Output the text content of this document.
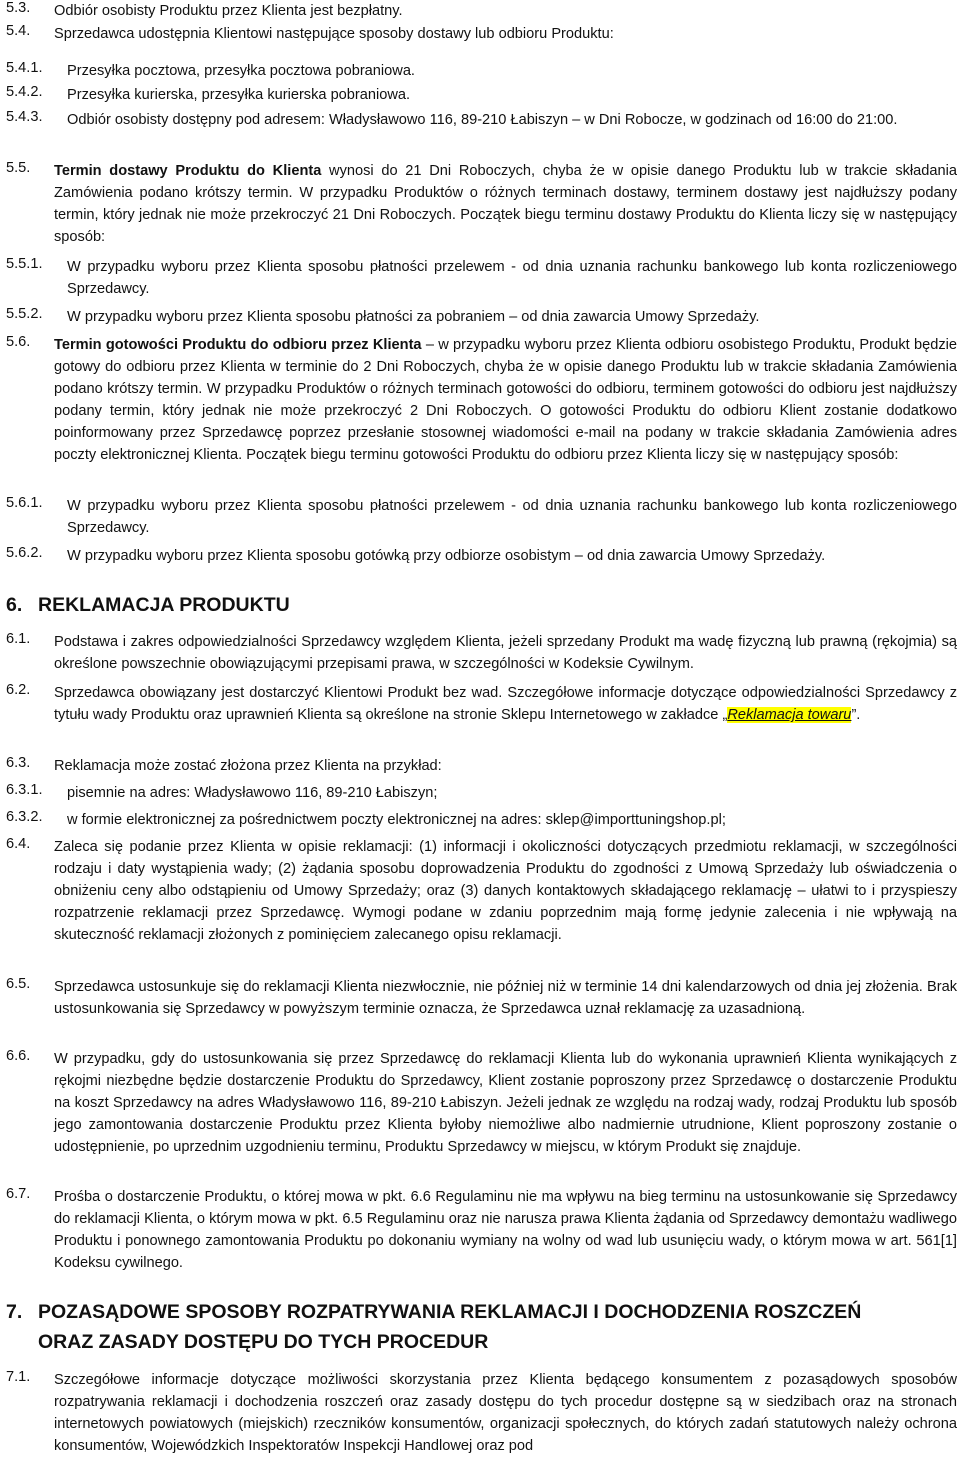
5.3. Odbiór osobisty Produktu przez Klienta jest bezpłatny.
5.4. Sprzedawca udostępnia Klientowi następujące sposoby dostawy lub odbioru Produktu:
5.4.1. Przesyłka pocztowa, przesyłka pocztowa pobraniowa.
5.4.2. Przesyłka kurierska, przesyłka kurierska pobraniowa.
5.4.3. Odbiór osobisty dostępny pod adresem: Władysławowo 116, 89-210 Łabiszyn – w Dni Robocze, w godzinach od 16:00 do 21:00.
5.5. Termin dostawy Produktu do Klienta wynosi do 21 Dni Roboczych, chyba że w opisie danego Produktu lub w trakcie składania Zamówienia podano krótszy termin. W przypadku Produktów o różnych terminach dostawy, terminem dostawy jest najdłuższy podany termin, który jednak nie może przekroczyć 21 Dni Roboczych. Początek biegu terminu dostawy Produktu do Klienta liczy się w następujący sposób:
5.5.1. W przypadku wyboru przez Klienta sposobu płatności przelewem - od dnia uznania rachunku bankowego lub konta rozliczeniowego Sprzedawcy.
5.5.2. W przypadku wyboru przez Klienta sposobu płatności za pobraniem – od dnia zawarcia Umowy Sprzedaży.
5.6. Termin gotowości Produktu do odbioru przez Klienta – w przypadku wyboru przez Klienta odbioru osobistego Produktu, Produkt będzie gotowy do odbioru przez Klienta w terminie do 2 Dni Roboczych, chyba że w opisie danego Produktu lub w trakcie składania Zamówienia podano krótszy termin. W przypadku Produktów o różnych terminach gotowości do odbioru, terminem gotowości do odbioru jest najdłuższy podany termin, który jednak nie może przekroczyć 2 Dni Roboczych. O gotowości Produktu do odbioru Klient zostanie dodatkowo poinformowany przez Sprzedawcę poprzez przesłanie stosownej wiadomości e-mail na podany w trakcie składania Zamówienia adres poczty elektronicznej Klienta. Początek biegu terminu gotowości Produktu do odbioru przez Klienta liczy się w następujący sposób:
5.6.1. W przypadku wyboru przez Klienta sposobu płatności przelewem - od dnia uznania rachunku bankowego lub konta rozliczeniowego Sprzedawcy.
5.6.2. W przypadku wyboru przez Klienta sposobu gotówką przy odbiorze osobistym – od dnia zawarcia Umowy Sprzedaży.
6. REKLAMACJA PRODUKTU
6.1. Podstawa i zakres odpowiedzialności Sprzedawcy względem Klienta, jeżeli sprzedany Produkt ma wadę fizyczną lub prawną (rękojmia) są określone powszechnie obowiązującymi przepisami prawa, w szczególności w Kodeksie Cywilnym.
6.2. Sprzedawca obowiązany jest dostarczyć Klientowi Produkt bez wad. Szczegółowe informacje dotyczące odpowiedzialności Sprzedawcy z tytułu wady Produktu oraz uprawnień Klienta są określone na stronie Sklepu Internetowego w zakładce „Reklamacja towaru”.
6.3. Reklamacja może zostać złożona przez Klienta na przykład:
6.3.1. pisemnie na adres: Władysławowo 116, 89-210 Łabiszyn;
6.3.2. w formie elektronicznej za pośrednictwem poczty elektronicznej na adres: sklep@importtuningshop.pl;
6.4. Zaleca się podanie przez Klienta w opisie reklamacji: (1) informacji i okoliczności dotyczących przedmiotu reklamacji, w szczególności rodzaju i daty wystąpienia wady; (2) żądania sposobu doprowadzenia Produktu do zgodności z Umową Sprzedaży lub oświadczenia o obniżeniu ceny albo odstąpieniu od Umowy Sprzedaży; oraz (3) danych kontaktowych składającego reklamację – ułatwi to i przyspieszy rozpatrzenie reklamacji przez Sprzedawcę. Wymogi podane w zdaniu poprzednim mają formę jedynie zalecenia i nie wpływają na skuteczność reklamacji złożonych z pominięciem zalecanego opisu reklamacji.
6.5. Sprzedawca ustosunkuje się do reklamacji Klienta niezwłocznie, nie później niż w terminie 14 dni kalendarzowych od dnia jej złożenia. Brak ustosunkowania się Sprzedawcy w powyższym terminie oznacza, że Sprzedawca uznał reklamację za uzasadnioną.
6.6. W przypadku, gdy do ustosunkowania się przez Sprzedawcę do reklamacji Klienta lub do wykonania uprawnień Klienta wynikających z rękojmi niezbędne będzie dostarczenie Produktu do Sprzedawcy, Klient zostanie poproszony przez Sprzedawcę o dostarczenie Produktu na koszt Sprzedawcy na adres Władysławowo 116, 89-210 Łabiszyn. Jeżeli jednak ze względu na rodzaj wady, rodzaj Produktu lub sposób jego zamontowania dostarczenie Produktu przez Klienta byłoby niemożliwe albo nadmiernie utrudnione, Klient poproszony zostanie o udostępnienie, po uprzednim uzgodnieniu terminu, Produktu Sprzedawcy w miejscu, w którym Produkt się znajduje.
6.7. Prośba o dostarczenie Produktu, o której mowa w pkt. 6.6 Regulaminu nie ma wpływu na bieg terminu na ustosunkowanie się Sprzedawcy do reklamacji Klienta, o którym mowa w pkt. 6.5 Regulaminu oraz nie narusza prawa Klienta żądania od Sprzedawcy demontażu wadliwego Produktu i ponownego zamontowania Produktu po dokonaniu wymiany na wolny od wad lub usunięciu wady, o którym mowa w art. 561[1] Kodeksu cywilnego.
7. POZASĄDOWE SPOSOBY ROZPATRYWANIA REKLAMACJI I DOCHODZENIA ROSZCZEŃ ORAZ ZASADY DOSTĘPU DO TYCH PROCEDUR
7.1. Szczegółowe informacje dotyczące możliwości skorzystania przez Klienta będącego konsumentem z pozasądowych sposobów rozpatrywania reklamacji i dochodzenia roszczeń oraz zasady dostępu do tych procedur dostępne są w siedzibach oraz na stronach internetowych powiatowych (miejskich) rzeczników konsumentów, organizacji społecznych, do których zadań statutowych należy ochrona konsumentów, Wojewódzkich Inspektoratów Inspekcji Handlowej oraz pod
